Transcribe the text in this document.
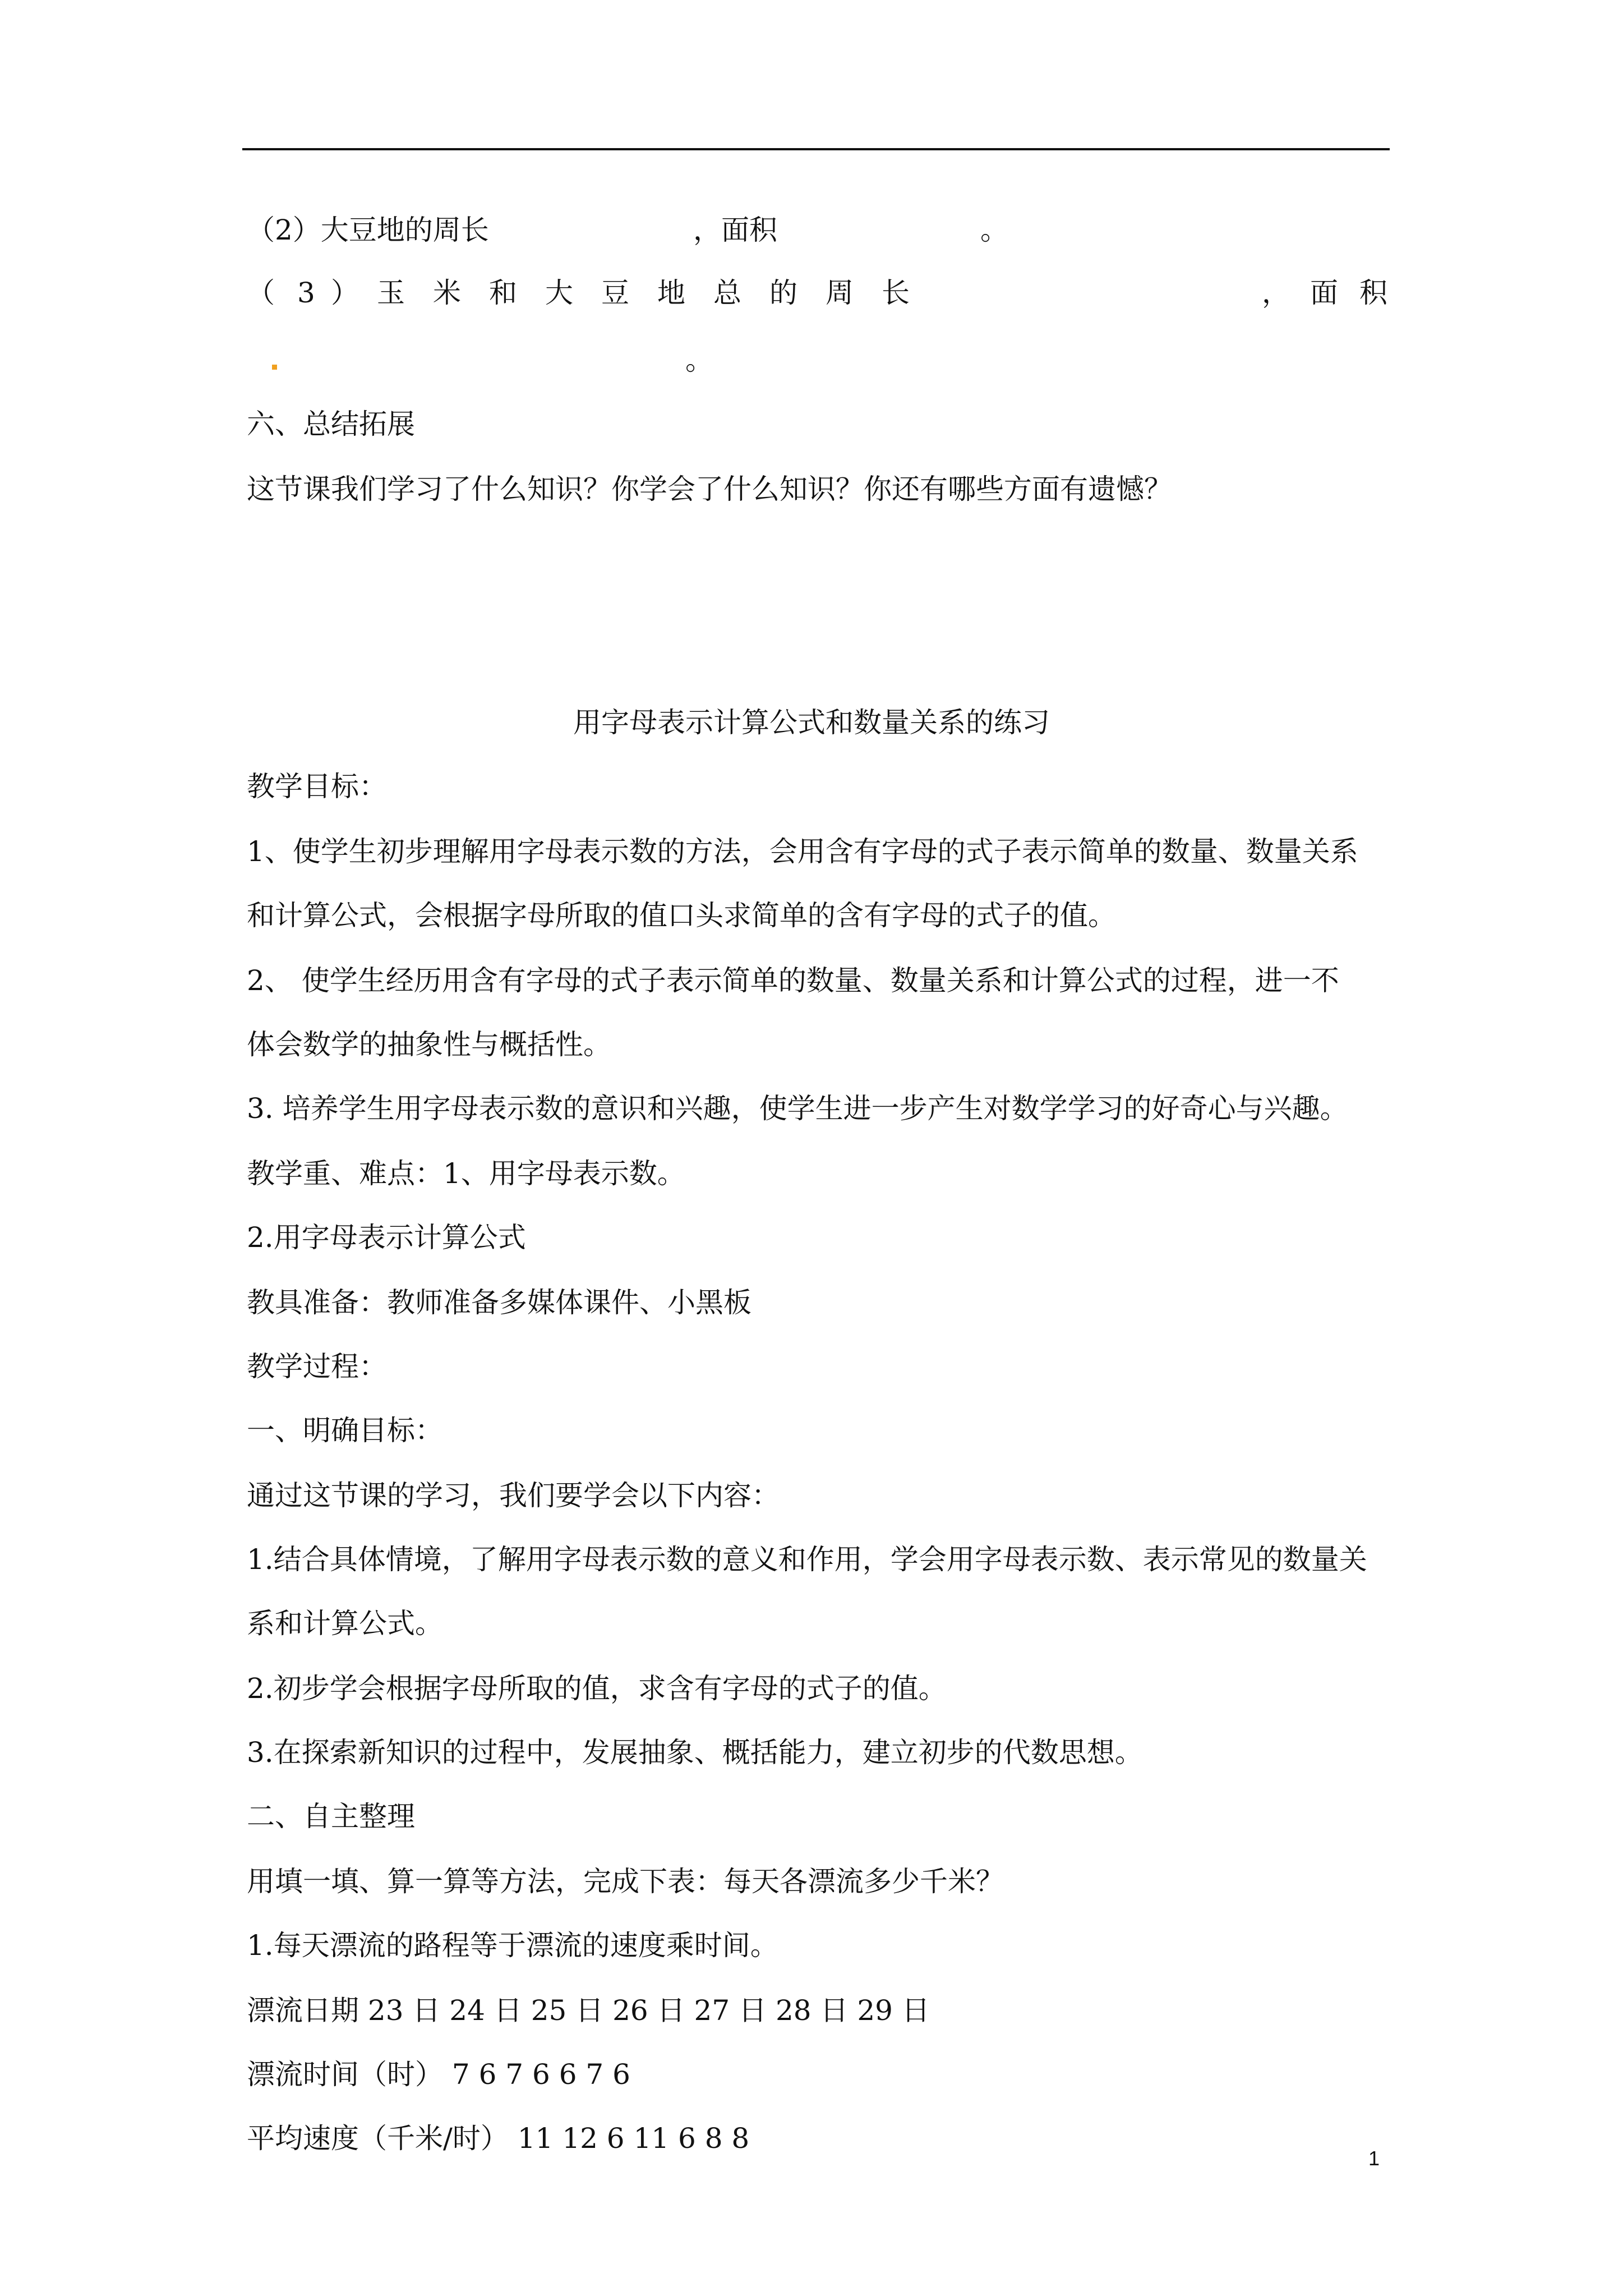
（2）大豆地的周长	，面积	。
（ 3 ） 玉 米 和 大 豆 地 总 的 周 长	， 面 积
。
六、总结拓展
这节课我们学习了什么知识？你学会了什么知识？你还有哪些方面有遗憾？
用字母表示计算公式和数量关系的练习
教学目标：
1、使学生初步理解用字母表示数的方法，会用含有字母的式子表示简单的数量、数量关系
和计算公式，会根据字母所取的值口头求简单的含有字母的式子的值。
2、 使学生经历用含有字母的式子表示简单的数量、数量关系和计算公式的过程，进一不
体会数学的抽象性与概括性。
3. 培养学生用字母表示数的意识和兴趣，使学生进一步产生对数学学习的好奇心与兴趣。
教学重、难点：1、用字母表示数。
2.用字母表示计算公式
教具准备：教师准备多媒体课件、小黑板
教学过程：
一、明确目标：
通过这节课的学习，我们要学会以下内容：
1.结合具体情境，了解用字母表示数的意义和作用，学会用字母表示数、表示常见的数量关
系和计算公式。
2.初步学会根据字母所取的值，求含有字母的式子的值。
3.在探索新知识的过程中，发展抽象、概括能力，建立初步的代数思想。
二、自主整理
用填一填、算一算等方法，完成下表：每天各漂流多少千米？
1.每天漂流的路程等于漂流的速度乘时间。
漂流日期 23 日 24 日 25 日 26 日 27 日 28 日 29 日
漂流时间（时） 7 6 7 6 6 7 6
平均速度（千米/时） 11 12 6 11 6 8 8
1
